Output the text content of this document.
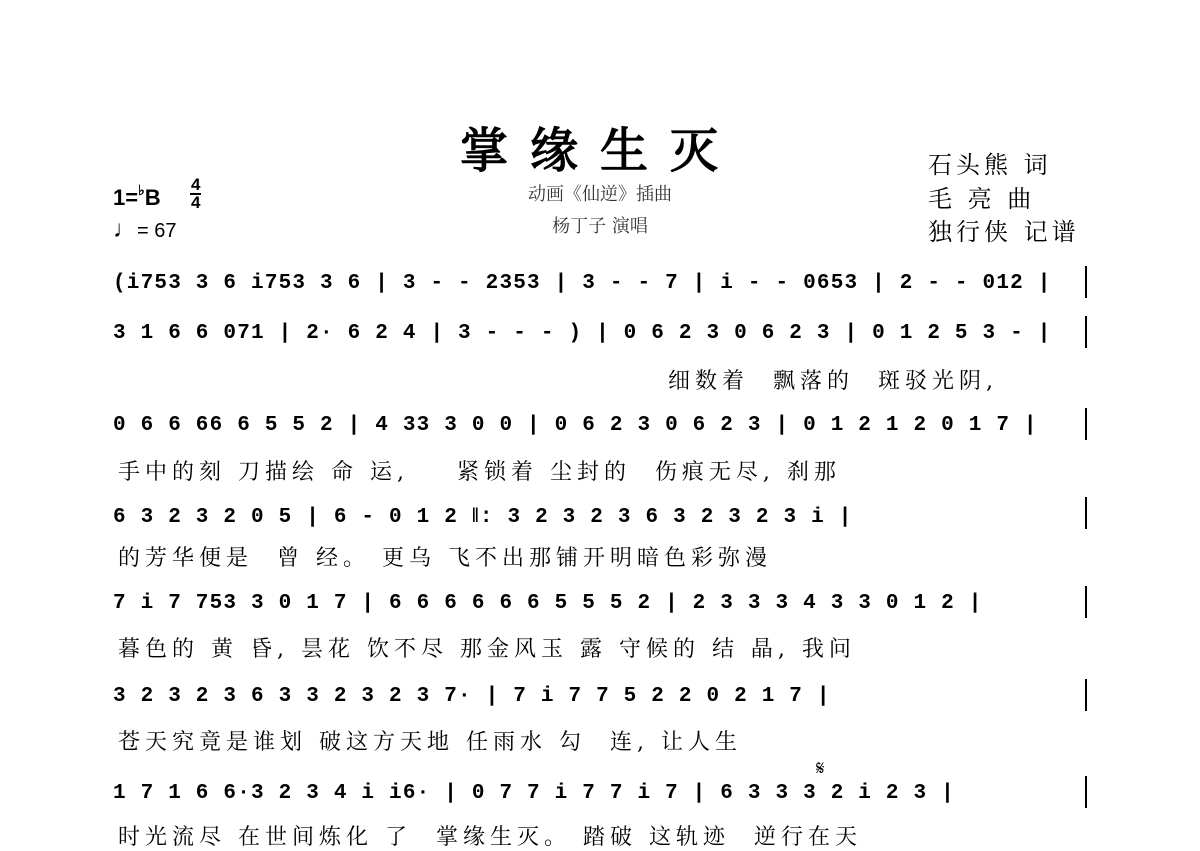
掌缘生灭
动画《仙逆》插曲
杨丁子 演唱
石头熊 词
毛 亮 曲
独行侠 记谱
1=♭B
4
4
♩= 67
(i753 3 6 i753 3 6 | 3 - - 2353 | 3 - - 7 | i - - 0653 | 2 - - 012 |
3 1 6 6 071 | 2· 6 2 4 | 3 - - - ) | 0 6 2 3 0 6 2 3 | 0 1 2 5 3 - |
细数着  飘落的  斑驳光阴,
0 6 6 66 6 5 5 2 | 4 33 3 0 0 | 0 6 2 3 0 6 2 3 | 0 1 2 1 2 0 1 7 |
手中的刻 刀描绘 命 运,    紧锁着 尘封的  伤痕无尽, 刹那
6 3 2 3 2 0 5 | 6 - 0 1 2 ‖: 3 2 3 2 3 6 3 2 3 2 3 i |
的芳华便是  曾 经。 更乌 飞不出那铺开明暗色彩弥漫
7 i 7 753 3 0 1 7 | 6 6 6 6 6 6 5 5 5 2 | 2 3 3 3 4 3 3 0 1 2 |
暮色的 黄 昏, 昙花 饮不尽 那金风玉 露 守候的 结 晶, 我问
3 2 3 2 3 6 3 3 2 3 2 3 7· | 7 i 7 7 5 2 2 0 2 1 7 |
苍天究竟是谁划 破这方天地 任雨水 勾  连, 让人生
𝄋
1 7 1 6 6·3 2 3 4 i i6· | 0 7 7 i 7 7 i 7 | 6 3 3 3 2 i 2 3 |
时光流尽 在世间炼化 了  掌缘生灭。 踏破 这轨迹  逆行在天
